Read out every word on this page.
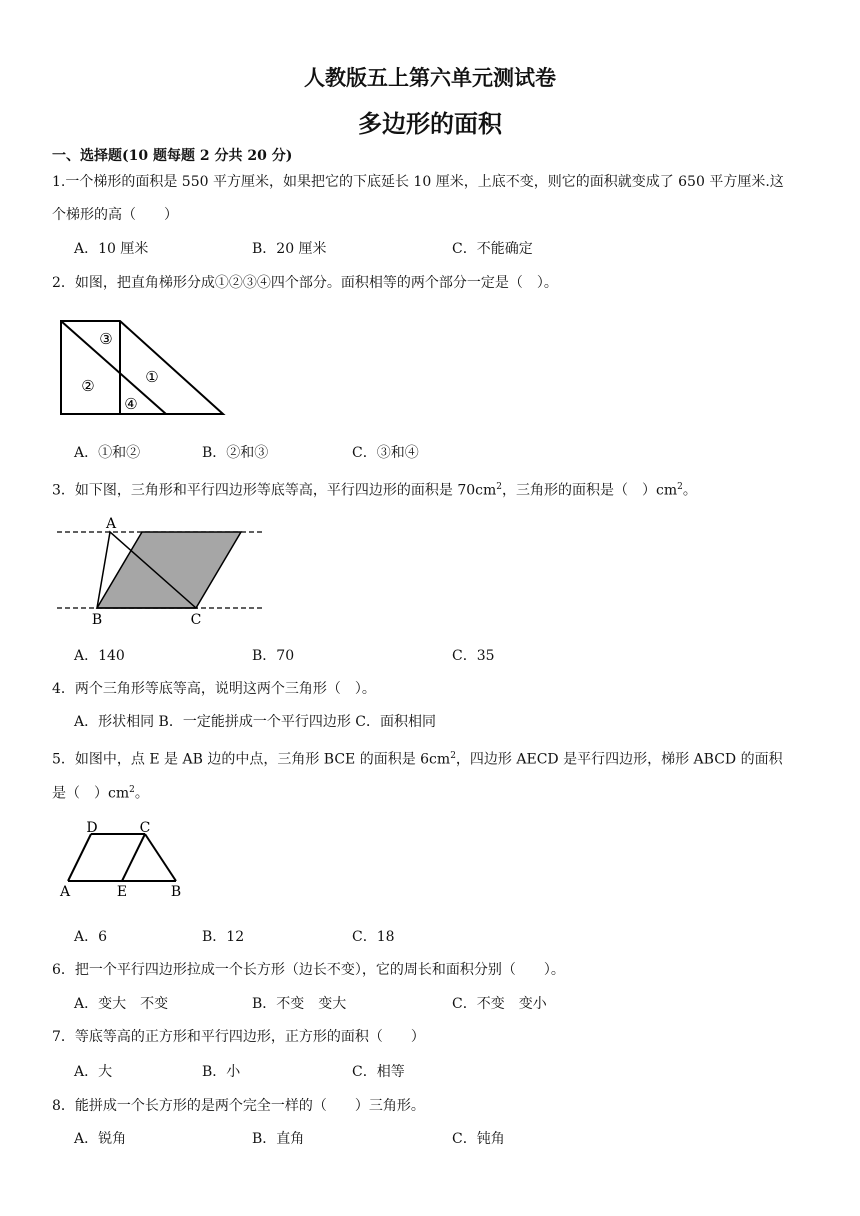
人教版五上第六单元测试卷
多边形的面积
一、选择题(10 题每题 2 分共 20 分)
1.一个梯形的面积是 550 平方厘米，如果把它的下底延长 10 厘米，上底不变，则它的面积就变成了 650 平方厘米.这
个梯形的高（　　）
A．10 厘米	B．20 厘米	C．不能确定
2．如图，把直角梯形分成①②③④四个部分。面积相等的两个部分一定是（　）。
③
②	①
④
A．①和②	B．②和③	C．③和④
3．如下图，三角形和平行四边形等底等高，平行四边形的面积是 $70cm^2$，三角形的面积是（　）$cm^2$。
A
B	C
A．140	B．70	C．35
4．两个三角形等底等高，说明这两个三角形（　）。
A．形状相同 B．一定能拼成一个平行四边形 C．面积相同
5．如图中，点 E 是 AB 边的中点，三角形 BCE 的面积是 $6cm^2$，四边形 AECD 是平行四边形，梯形 ABCD 的面积
是（　）$cm^2$。
D	C
A	E	B
A．6	B．12	C．18
6．把一个平行四边形拉成一个长方形（边长不变），它的周长和面积分别（　　）。
A．变大　不变	B．不变　变大	C．不变　变小
7．等底等高的正方形和平行四边形，正方形的面积（　　）
A．大	B．小	C．相等
8．能拼成一个长方形的是两个完全一样的（　　）三角形。
A．锐角	B．直角	C．钝角
